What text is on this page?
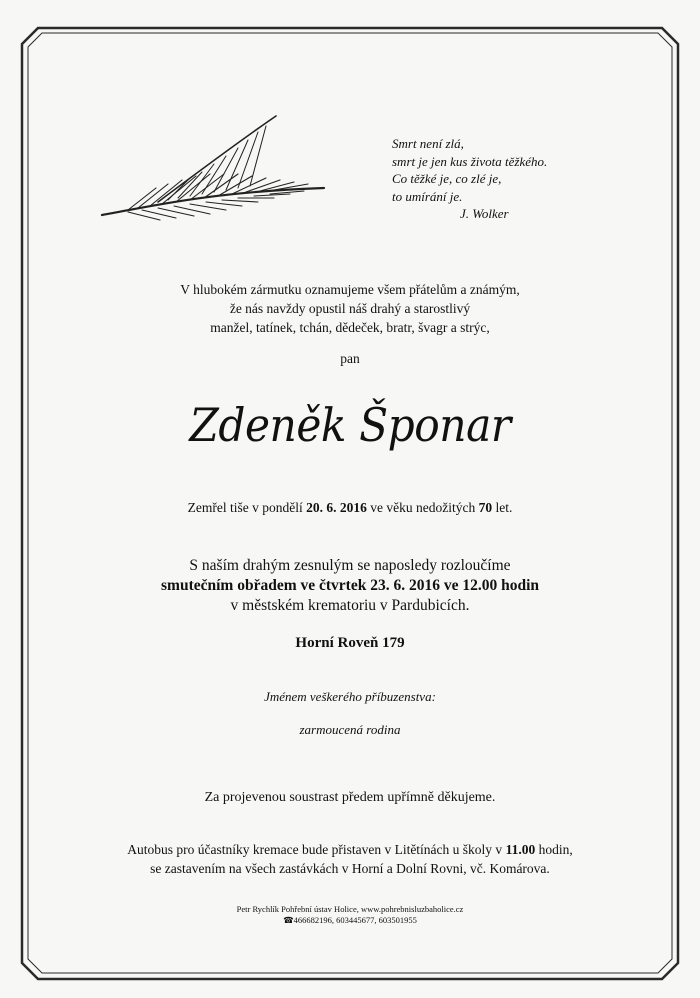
Smrt není zlá,
smrt je jen kus života těžkého.
Co těžké je, co zlé je,
to umírání je.
J. Wolker
V hlubokém zármutku oznamujeme všem přátelům a známým,
že nás navždy opustil náš drahý a starostlivý
manžel, tatínek, tchán, dědeček, bratr, švagr a strýc,
pan
Zdeněk Šponar
Zemřel tiše v pondělí 20. 6. 2016 ve věku nedožitých 70 let.
S naším drahým zesnulým se naposledy rozloučíme
smutečním obřadem ve čtvrtek 23. 6. 2016 ve 12.00 hodin
v městském krematoriu v Pardubicích.
Horní Roveň 179
Jménem veškerého příbuzenstva:
zarmoucená rodina
Za projevenou soustrast předem upřímně děkujeme.
Autobus pro účastníky kremace bude přistaven v Litětínách u školy v 11.00 hodin,
se zastavením na všech zastávkách v Horní a Dolní Rovni, vč. Komárova.
Petr Rychlík Pohřební ústav Holice, www.pohrebnisluzbaholice.cz
☎466682196, 603445677, 603501955
